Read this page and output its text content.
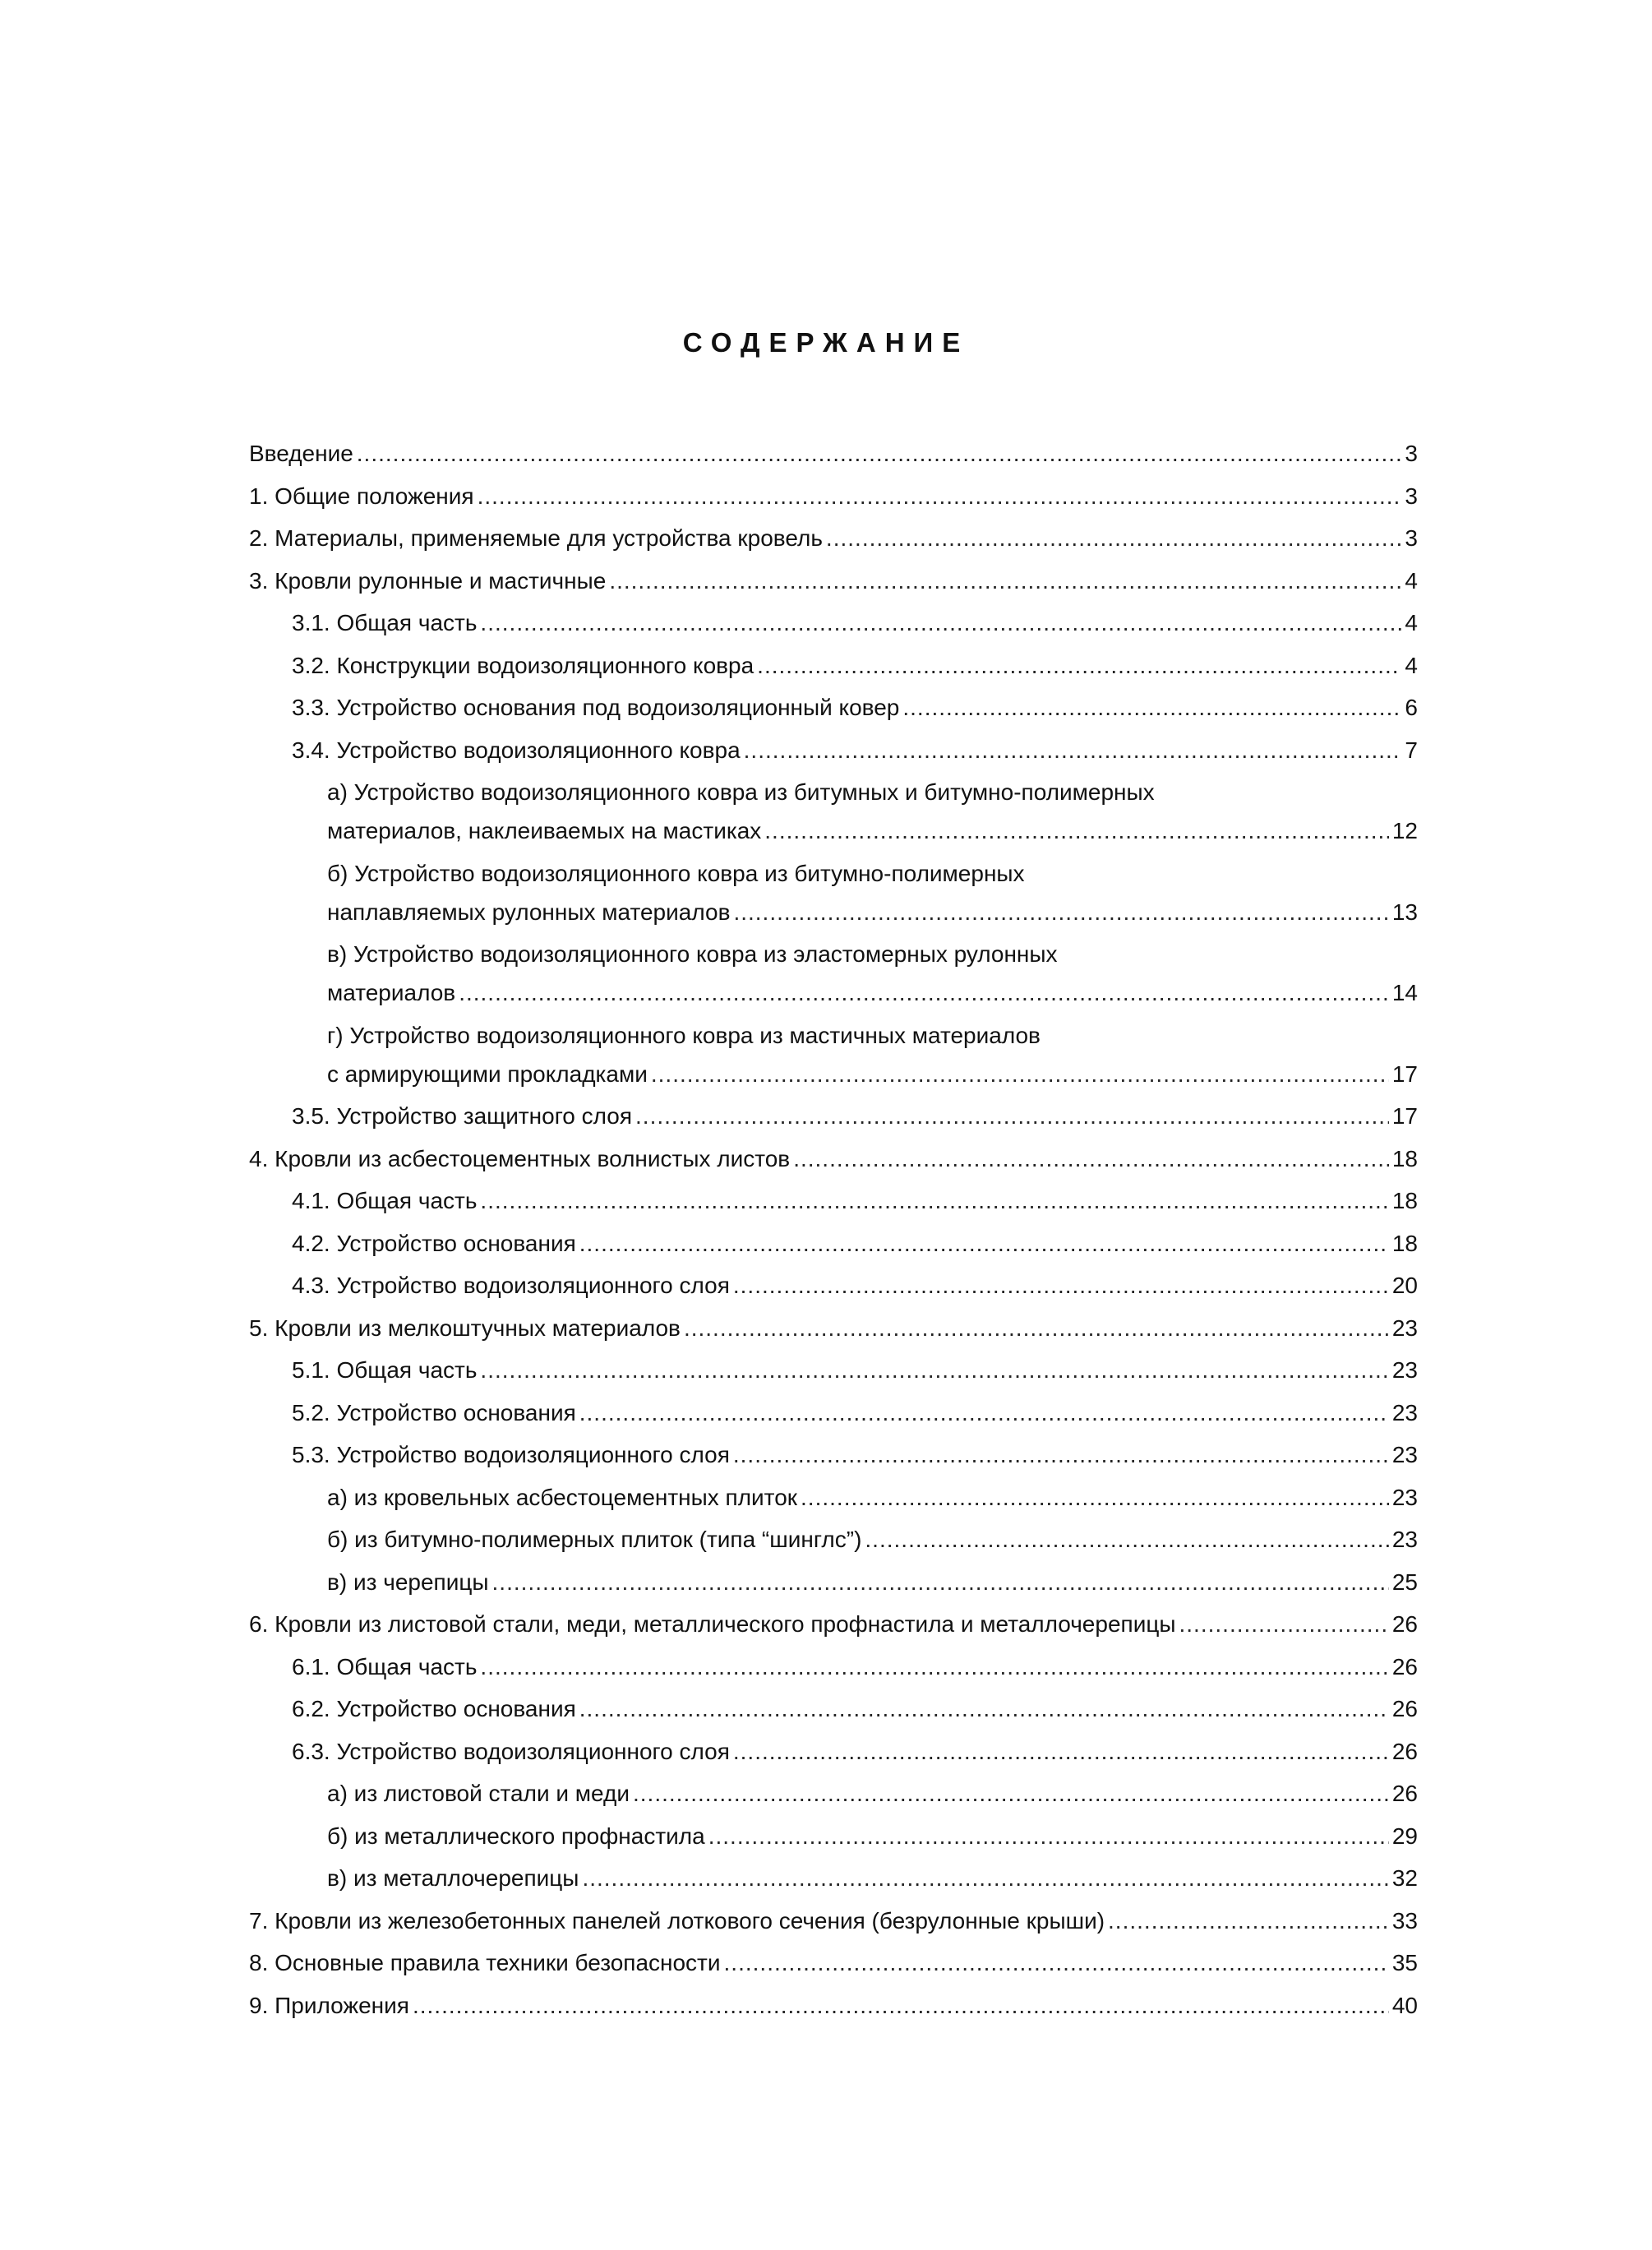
СОДЕРЖАНИЕ
Введение .....	3
1. Общие положения .....	3
2. Материалы, применяемые для устройства кровель .....	3
3. Кровли рулонные и мастичные .....	4
3.1. Общая часть .....	4
3.2. Конструкции водоизоляционного ковра .....	4
3.3. Устройство основания под водоизоляционный ковер .....	6
3.4. Устройство водоизоляционного ковра .....	7
а) Устройство водоизоляционного ковра из битумных и битумно-полимерных
материалов, наклеиваемых на мастиках .....	12
б) Устройство водоизоляционного ковра из битумно-полимерных
наплавляемых рулонных материалов .....	13
в) Устройство водоизоляционного ковра из эластомерных рулонных
материалов .....	14
г) Устройство водоизоляционного ковра из мастичных материалов
с армирующими прокладками .....	17
3.5. Устройство защитного слоя .....	17
4. Кровли из асбестоцементных волнистых листов .....	18
4.1. Общая часть .....	18
4.2. Устройство основания .....	18
4.3. Устройство водоизоляционного слоя .....	20
5. Кровли из мелкоштучных материалов .....	23
5.1. Общая часть .....	23
5.2. Устройство основания .....	23
5.3. Устройство водоизоляционного слоя .....	23
а) из кровельных асбестоцементных плиток .....	23
б) из битумно-полимерных плиток (типа “шинглс”) .....	23
в) из черепицы .....	25
6. Кровли из листовой стали, меди, металлического профнастила и металлочерепицы .....	26
6.1. Общая часть .....	26
6.2. Устройство основания .....	26
6.3. Устройство водоизоляционного слоя .....	26
а) из листовой стали и меди .....	26
б) из металлического профнастила .....	29
в) из металлочерепицы .....	32
7. Кровли из железобетонных панелей лоткового сечения (безрулонные крыши) .....	33
8. Основные правила техники безопасности .....	35
9. Приложения .....	40
